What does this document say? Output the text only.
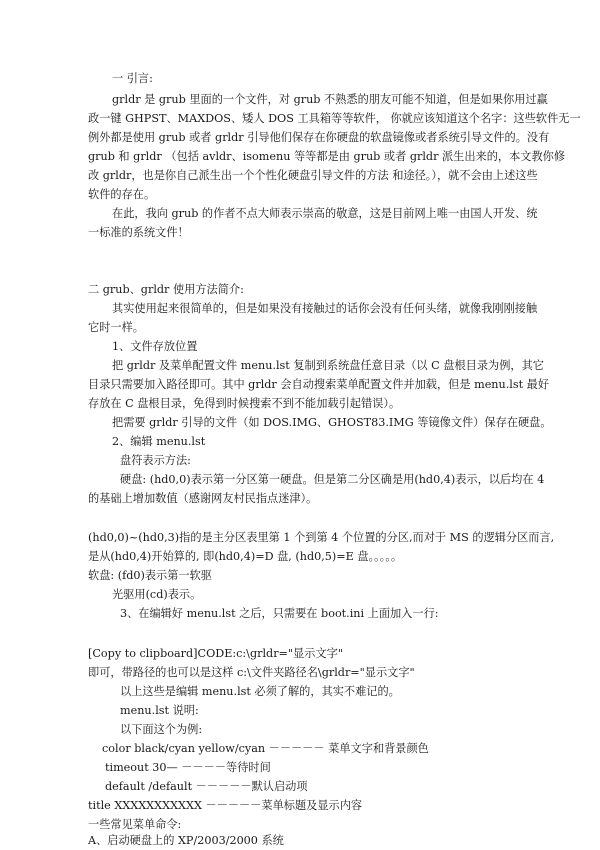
一 引言:
grldr 是 grub 里面的一个文件，对 grub 不熟悉的朋友可能不知道，但是如果你用过赢
政一键 GHPST、MAXDOS、矮人 DOS 工具箱等等软件， 你就应该知道这个名字：这些软件无一
例外都是使用 grub 或者 grldr 引导他们保存在你硬盘的软盘镜像或者系统引导文件的。没有
grub 和 grldr （包括 avldr、isomenu 等等都是由 grub 或者 grldr 派生出来的，本文教你修
改 grldr，也是你自己派生出一个个性化硬盘引导文件的方法 和途径。），就不会由上述这些
软件的存在。
在此，我向 grub 的作者不点大师表示崇高的敬意，这是目前网上唯一由国人开发、统
一标准的系统文件！
二 grub、grldr 使用方法简介:
其实使用起来很简单的，但是如果没有接触过的话你会没有任何头绪，就像我刚刚接触
它时一样。
1、文件存放位置
把 grldr 及菜单配置文件 menu.lst 复制到系统盘任意目录（以 C 盘根目录为例，其它
目录只需要加入路径即可。其中 grldr 会自动搜索菜单配置文件并加载，但是 menu.lst 最好
存放在 C 盘根目录，免得到时候搜索不到不能加载引起错误）。
把需要 grldr 引导的文件（如 DOS.IMG、GHOST83.IMG 等镜像文件）保存在硬盘。
2、编辑 menu.lst
盘符表示方法:
硬盘: (hd0,0)表示第一分区第一硬盘。但是第二分区确是用(hd0,4)表示，以后均在 4
的基础上增加数值（感谢网友村民指点迷津）。
(hd0,0)~(hd0,3)指的是主分区表里第 1 个到第 4 个位置的分区,而对于 MS 的逻辑分区而言,
是从(hd0,4)开始算的, 即(hd0,4)=D 盘, (hd0,5)=E 盘。。。。。
软盘: (fd0)表示第一软驱
光驱用(cd)表示。
3、在编辑好 menu.lst 之后，只需要在 boot.ini 上面加入一行:
[Copy to clipboard]CODE:c:\grldr="显示文字"
即可，带路径的也可以是这样 c:\文件夹路径名\grldr="显示文字"
以上这些是编辑 menu.lst 必须了解的，其实不难记的。
menu.lst 说明:
以下面这个为例:
color black/cyan yellow/cyan －－－－－ 菜单文字和背景颜色
timeout 30— －－－－等待时间
default /default －－－－－默认启动项
title XXXXXXXXXXX －－－－－菜单标题及显示内容
一些常见菜单命令:
A、启动硬盘上的 XP/2003/2000 系统
